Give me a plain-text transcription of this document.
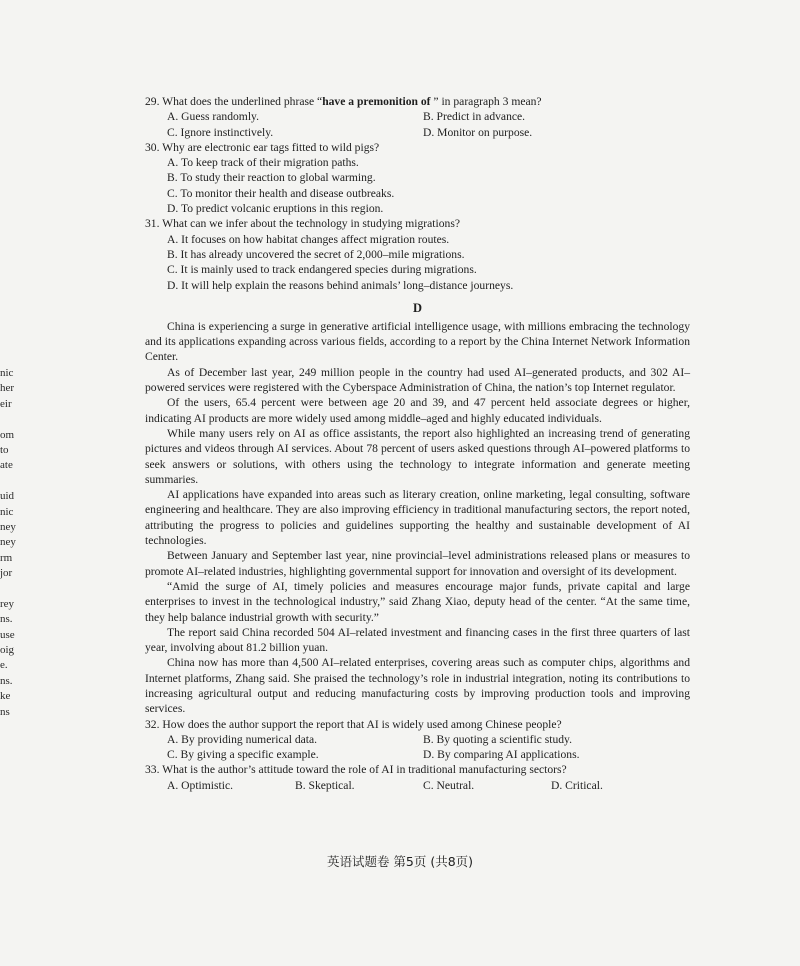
nic
her
eir
om
to
ate
uid
nic
ney
ney
rm
jor
rey
ns.
use
oig
e.
ns.
ke
ns
29. What does the underlined phrase “have a premonition of ” in paragraph 3 mean?
A. Guess randomly.	B. Predict in advance.
C. Ignore instinctively.	D. Monitor on purpose.
30. Why are electronic ear tags fitted to wild pigs?
A. To keep track of their migration paths.
B. To study their reaction to global warming.
C. To monitor their health and disease outbreaks.
D. To predict volcanic eruptions in this region.
31. What can we infer about the technology in studying migrations?
A. It focuses on how habitat changes affect migration routes.
B. It has already uncovered the secret of 2,000–mile migrations.
C. It is mainly used to track endangered species during migrations.
D. It will help explain the reasons behind animals’ long–distance journeys.
D

China is experiencing a surge in generative artificial intelligence usage, with millions embracing the technology and its applications expanding across various fields, according to a report by the China Internet Network Information Center.

As of December last year, 249 million people in the country had used AI–generated products, and 302 AI–powered services were registered with the Cyberspace Administration of China, the nation’s top Internet regulator.

Of the users, 65.4 percent were between age 20 and 39, and 47 percent held associate degrees or higher, indicating AI products are more widely used among middle–aged and highly educated individuals.

While many users rely on AI as office assistants, the report also highlighted an increasing trend of generating pictures and videos through AI services. About 78 percent of users asked questions through AI–powered platforms to seek answers or solutions, with others using the technology to integrate information and generate meeting summaries.

AI applications have expanded into areas such as literary creation, online marketing, legal consulting, software engineering and healthcare. They are also improving efficiency in traditional manufacturing sectors, the report noted, attributing the progress to policies and guidelines supporting the healthy and sustainable development of AI technologies.

Between January and September last year, nine provincial–level administrations released plans or measures to promote AI–related industries, highlighting governmental support for innovation and oversight of its development.

“Amid the surge of AI, timely policies and measures encourage major funds, private capital and large enterprises to invest in the technological industry,” said Zhang Xiao, deputy head of the center. “At the same time, they help balance industrial growth with security.”

The report said China recorded 504 AI–related investment and financing cases in the first three quarters of last year, involving about 81.2 billion yuan.

China now has more than 4,500 AI–related enterprises, covering areas such as computer chips, algorithms and Internet platforms, Zhang said. She praised the technology’s role in industrial integration, noting its contributions to increasing agricultural output and reducing manufacturing costs by improving production tools and improving services.

32. How does the author support the report that AI is widely used among Chinese people?
A. By providing numerical data.	B. By quoting a scientific study.
C. By giving a specific example.	D. By comparing AI applications.
33. What is the author’s attitude toward the role of AI in traditional manufacturing sectors?
A. Optimistic.	B. Skeptical.	C. Neutral.	D. Critical.
英语试题卷 第5页 (共8页)
